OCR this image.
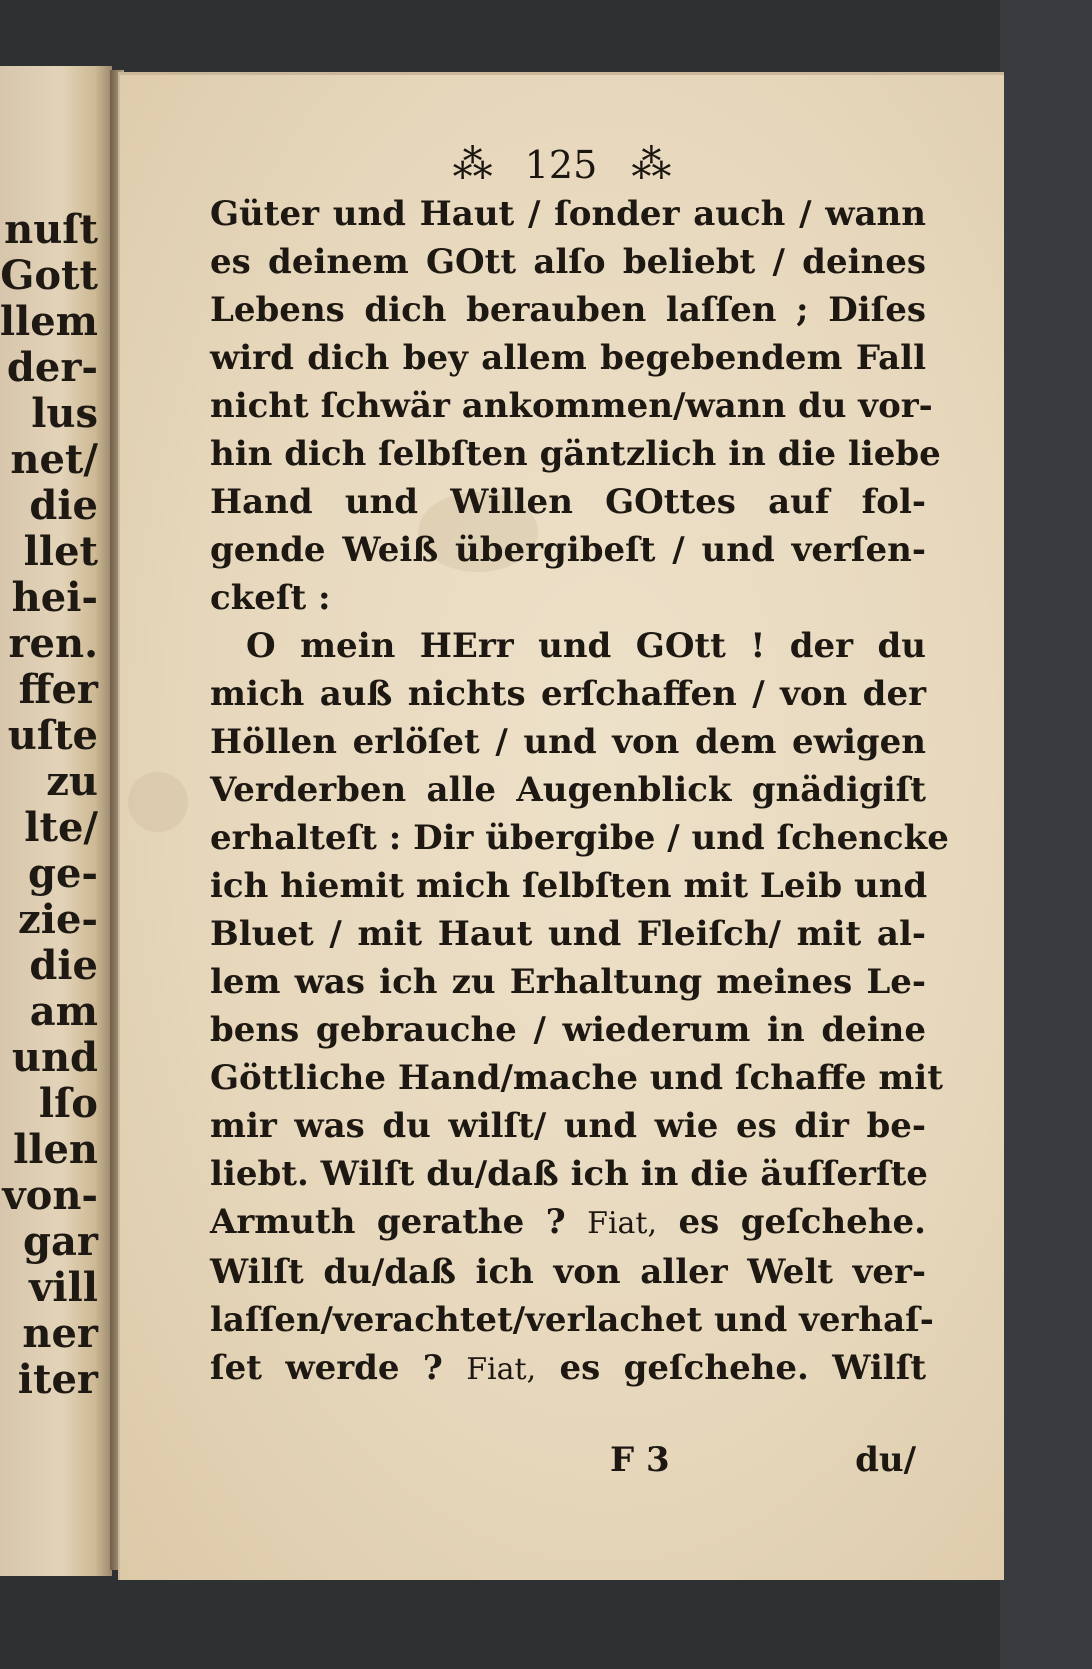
nuſt

Gott

llem

der-

lus

net/

die

llet

hei-

ren.

ffer

uſte

zu

lte/

ge-

zie-

die

am

und

lſo

llen

von-

gar

vill

ner

iter

⁂ 125 ⁂
Güter und Haut / ſonder auch / wann
es deinem GOtt alſo beliebt / deines
Lebens dich berauben laſſen ; Diſes
wird dich bey allem begebendem Fall
nicht ſchwär ankommen/wann du vor-
hin dich ſelbſten gäntzlich in die liebe
Hand und Willen GOttes auf fol-
gende Weiß übergibeſt / und verſen-
ckeſt :
O mein HErr und GOtt ! der du
mich auß nichts erſchaffen / von der
Höllen erlöſet / und von dem ewigen
Verderben alle Augenblick gnädigiſt
erhalteſt : Dir übergibe / und ſchencke
ich hiemit mich ſelbſten mit Leib und
Bluet / mit Haut und Fleiſch/ mit al-
lem was ich zu Erhaltung meines Le-
bens gebrauche / wiederum in deine
Göttliche Hand/mache und ſchaffe mit
mir was du wilſt/ und wie es dir be-
liebt. Wilſt du/daß ich in die äuſſerſte
Armuth gerathe ? Fiat, es geſchehe.
Wilſt du/daß ich von aller Welt ver-
laſſen/verachtet/verlachet und verhaſ-
ſet werde ? Fiat, es geſchehe. Wilſt
F 3	du/
